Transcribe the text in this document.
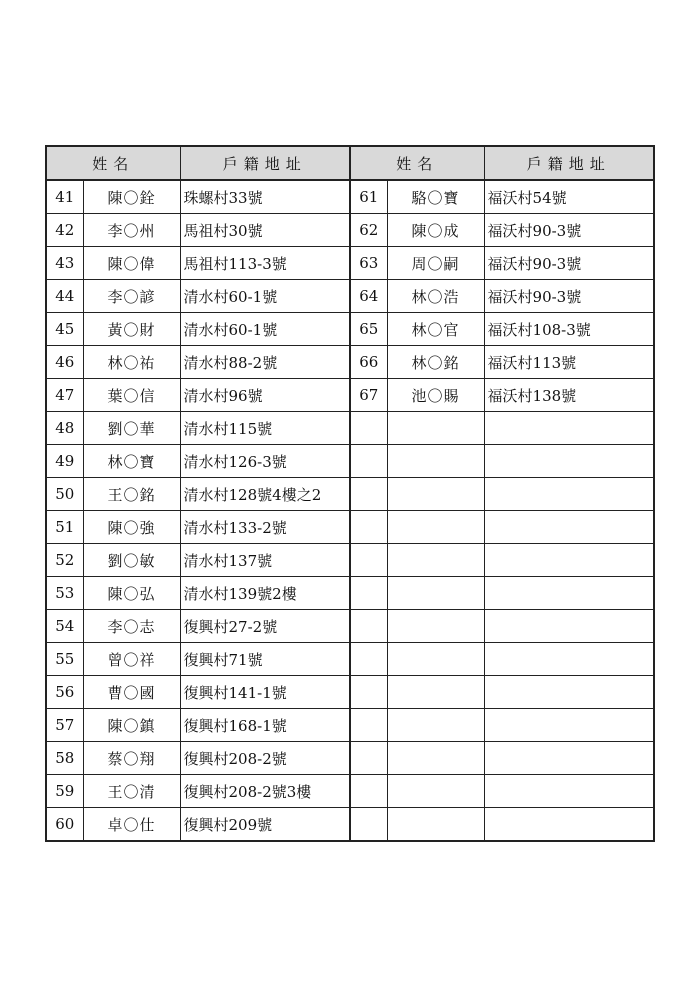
姓名		戶籍地址	姓名		戶籍地址
41	陳〇銓	珠螺村33號	61	駱〇寶	福沃村54號
42	李〇州	馬祖村30號	62	陳〇成	福沃村90-3號
43	陳〇偉	馬祖村113-3號	63	周〇嗣	福沃村90-3號
44	李〇諺	清水村60-1號	64	林〇浩	福沃村90-3號
45	黃〇財	清水村60-1號	65	林〇官	福沃村108-3號
46	林〇祐	清水村88-2號	66	林〇銘	福沃村113號
47	葉〇信	清水村96號	67	池〇賜	福沃村138號
48	劉〇華	清水村115號			
49	林〇寶	清水村126-3號			
50	王〇銘	清水村128號4樓之2			
51	陳〇強	清水村133-2號			
52	劉〇敏	清水村137號			
53	陳〇弘	清水村139號2樓			
54	李〇志	復興村27-2號			
55	曾〇祥	復興村71號			
56	曹〇國	復興村141-1號			
57	陳〇鎮	復興村168-1號			
58	蔡〇翔	復興村208-2號			
59	王〇清	復興村208-2號3樓			
60	卓〇仕	復興村209號			
